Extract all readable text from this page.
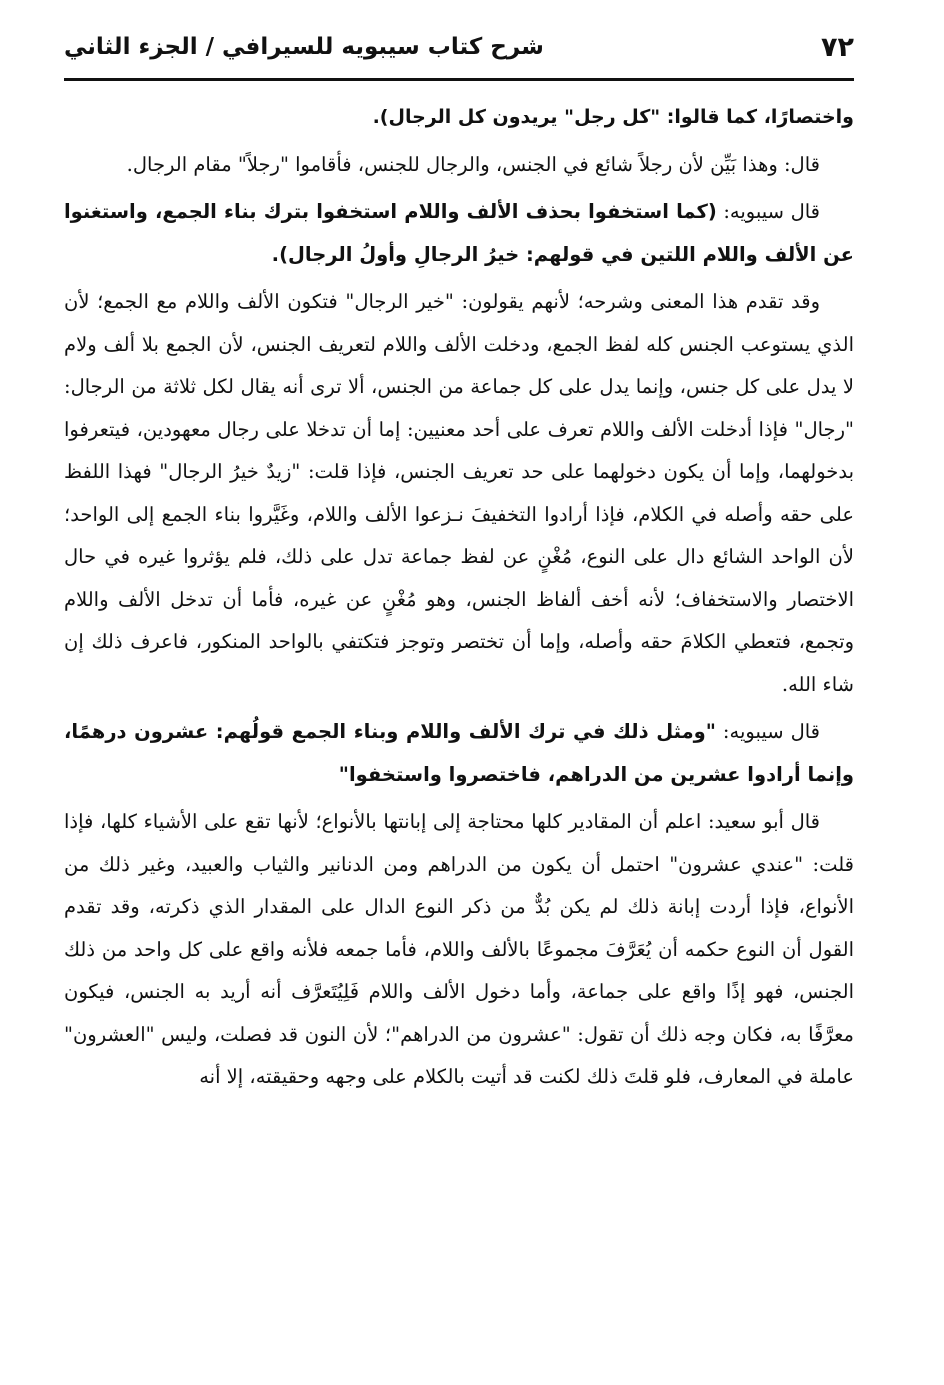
٧٢
شرح كتاب سيبويه للسيرافي / الجزء الثاني

واختصارًا، كما قالوا: "كل رجل" يريدون كل الرجال).

قال: وهذا بَيِّن لأن رجلاً شائع في الجنس، والرجال للجنس، فأقاموا "رجلاً" مقام الرجال.

قال سيبويه: (كما استخفوا بحذف الألف واللام استخفوا بترك بناء الجمع، واستغنوا عن الألف واللام اللتين في قولهم: خيرُ الرجالِ وأولُ الرجال).

وقد تقدم هذا المعنى وشرحه؛ لأنهم يقولون: "خير الرجال" فتكون الألف واللام مع الجمع؛ لأن الذي يستوعب الجنس كله لفظ الجمع، ودخلت الألف واللام لتعريف الجنس، لأن الجمع بلا ألف ولام لا يدل على كل جنس، وإنما يدل على كل جماعة من الجنس، ألا ترى أنه يقال لكل ثلاثة من الرجال: "رجال" فإذا أدخلت الألف واللام تعرف على أحد معنيين: إما أن تدخلا على رجال معهودين، فيتعرفوا بدخولهما، وإما أن يكون دخولهما على حد تعريف الجنس، فإذا قلت: "زيدٌ خيرُ الرجال" فهذا اللفظ على حقه وأصله في الكلام، فإذا أرادوا التخفيفَ نـزعوا الألف واللام، وغَيَّروا بناء الجمع إلى الواحد؛ لأن الواحد الشائع دال على النوع، مُغْنٍ عن لفظ جماعة تدل على ذلك، فلم يؤثروا غيره في حال الاختصار والاستخفاف؛ لأنه أخف ألفاظ الجنس، وهو مُغْنٍ عن غيره، فأما أن تدخل الألف واللام وتجمع، فتعطي الكلامَ حقه وأصله، وإما أن تختصر وتوجز فتكتفي بالواحد المنكور، فاعرف ذلك إن شاء الله.

قال سيبويه: "ومثل ذلك في ترك الألف واللام وبناء الجمع قولُهم: عشرون درهمًا، وإنما أرادوا عشرين من الدراهم، فاختصروا واستخفوا"

قال أبو سعيد: اعلم أن المقادير كلها محتاجة إلى إبانتها بالأنواع؛ لأنها تقع على الأشياء كلها، فإذا قلت: "عندي عشرون" احتمل أن يكون من الدراهم ومن الدنانير والثياب والعبيد، وغير ذلك من الأنواع، فإذا أردت إبانة ذلك لم يكن بُدٌّ من ذكر النوع الدال على المقدار الذي ذكرته، وقد تقدم القول أن النوع حكمه أن يُعَرَّفَ مجموعًا بالألف واللام، فأما جمعه فلأنه واقع على كل واحد من ذلك الجنس، فهو إذًا واقع على جماعة، وأما دخول الألف واللام فَلِيُتَعرَّف أنه أريد به الجنس، فيكون معرَّفًا به، فكان وجه ذلك أن تقول: "عشرون من الدراهم"؛ لأن النون قد فصلت، وليس "العشرون" عاملة في المعارف، فلو قلتَ ذلك لكنت قد أتيت بالكلام على وجهه وحقيقته، إلا أنه
